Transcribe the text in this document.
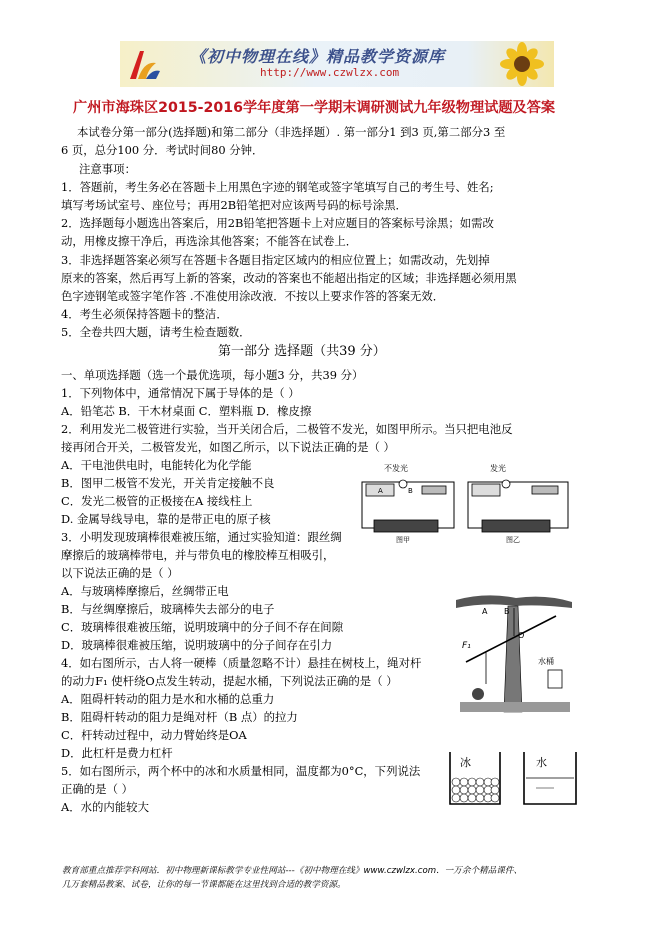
《初中物理在线》精品教学资源库
http://www.czwlzx.com
广州市海珠区2015-2016学年度第一学期末调研测试九年级物理试题及答案
本试卷分第一部分(选择题)和第二部分（非选择题）. 第一部分1 到3 页,第二部分3 至
6 页，总分100 分．考试时间80 分钟．
注意事项：
1．答题前，考生务必在答题卡上用黑色字迹的钢笔或签字笔填写自己的考生号、姓名;
填写考场试室号、座位号；再用2B铅笔把对应该两号码的标号涂黑．
2．选择题每小题选出答案后，用2B铅笔把答题卡上对应题目的答案标号涂黑；如需改
动，用橡皮擦干净后，再选涂其他答案；不能答在试卷上．
3．非选择题答案必须写在答题卡各题目指定区域内的相应位置上；如需改动，先划掉
原来的答案，然后再写上新的答案，改动的答案也不能超出指定的区域；非选择题必须用黑
色字迹钢笔或签字笔作答 .不准使用涂改液．不按以上要求作答的答案无效．
4．考生必须保持答题卡的整洁．
5．全卷共四大题，请考生检查题数．
第一部分 选择题（共39 分）
一、单项选择题（选一个最优选项，每小题3 分，共39 分）
1．下列物体中，通常情况下属于导体的是（ ）
A．铅笔芯 B．干木材桌面 C．塑料瓶 D．橡皮擦
2．利用发光二极管进行实验，当开关闭合后，二极管不发光，如图甲所示。当只把电池反
接再闭合开关，二极管发光，如图乙所示，以下说法正确的是（ ）
A．干电池供电时，电能转化为化学能
B．图甲二极管不发光，开关肯定接触不良
C．发光二极管的正极接在A 接线柱上
D. 金属导线导电，靠的是带正电的原子核
3．小明发现玻璃棒很难被压缩，通过实验知道：跟丝绸
摩擦后的玻璃棒带电，并与带负电的橡胶棒互相吸引，
以下说法正确的是（ ）
A．与玻璃棒摩擦后，丝绸带正电
B．与丝绸摩擦后，玻璃棒失去部分的电子
C．玻璃棒很难被压缩，说明玻璃中的分子间不存在间隙
D．玻璃棒很难被压缩，说明玻璃中的分子间存在引力
4．如右图所示，古人将一硬棒（质量忽略不计）悬挂在树枝上，绳对杆
的动力F₁ 使杆绕O点发生转动，提起水桶，下列说法正确的是（ ）
A．阻碍杆转动的阻力是水和水桶的总重力
B．阻碍杆转动的阻力是绳对杆（B 点）的拉力
C．杆转动过程中，动力臂始终是OA
D．此杠杆是费力杠杆
5．如右图所示，两个杯中的冰和水质量相同，温度都为0°C，下列说法
正确的是（ ）
A．水的内能较大
不发光
A	B
图甲
发光
图乙
A B
O
F₁
水桶
冰	水
教育部重点推荐学科网站．初中物理新课标教学专业性网站---《初中物理在线》www.czwlzx.com．一万余个精品课件、
几万套精品教案、试卷，让你的每一节课都能在这里找到合适的教学资源。
